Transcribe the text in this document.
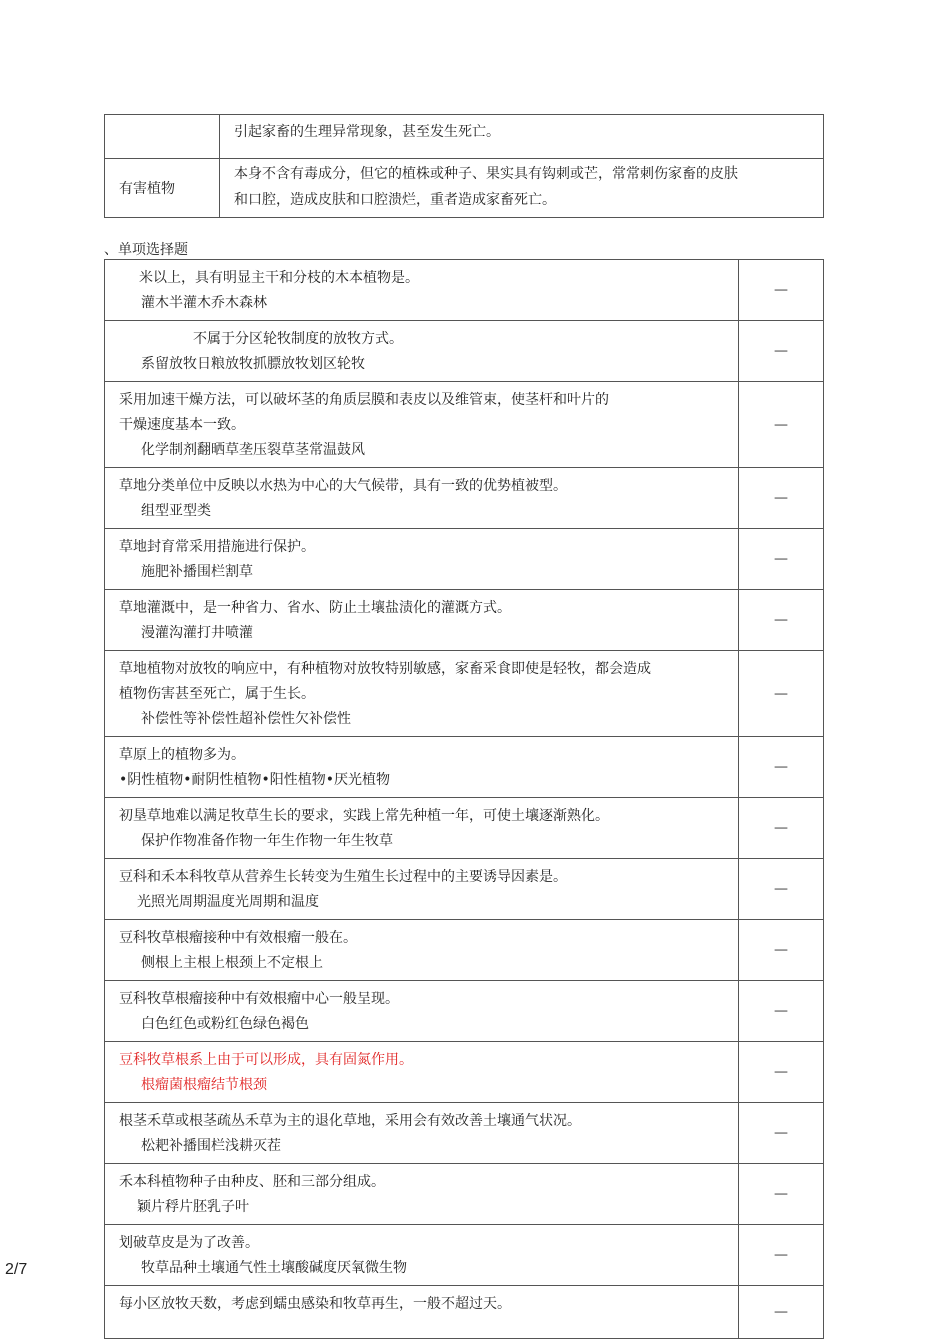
	引起家畜的生理异常现象，甚至发生死亡。

有害植物	本身不含有毒成分，但它的植株或种子、果实具有钩刺或芒，常常刺伤家畜的皮肤
和口腔，造成皮肤和口腔溃烂，重者造成家畜死亡。
、单项选择题
米以上，具有明显主干和分枝的木本植物是。
灌木半灌木乔木森林	—

不属于分区轮牧制度的放牧方式。
系留放牧日粮放牧抓膘放牧划区轮牧	—

采用加速干燥方法，可以破坏茎的角质层膜和表皮以及维管束，使茎杆和叶片的
干燥速度基本一致。
化学制剂翻晒草垄压裂草茎常温鼓风	—

草地分类单位中反映以水热为中心的大气候带，具有一致的优势植被型。
组型亚型类	—

草地封育常采用措施进行保护。
施肥补播围栏割草	—

草地灌溉中，是一种省力、省水、防止土壤盐渍化的灌溉方式。
漫灌沟灌打井喷灌	—

草地植物对放牧的响应中，有种植物对放牧特别敏感，家畜采食即使是轻牧，都会造成
植物伤害甚至死亡，属于生长。
补偿性等补偿性超补偿性欠补偿性	—

草原上的植物多为。
•阴性植物•耐阴性植物•阳性植物•厌光植物	—

初垦草地难以满足牧草生长的要求，实践上常先种植一年，可使土壤逐渐熟化。
保护作物准备作物一年生作物一年生牧草	—

豆科和禾本科牧草从营养生长转变为生殖生长过程中的主要诱导因素是。
光照光周期温度光周期和温度	—

豆科牧草根瘤接种中有效根瘤一般在。
侧根上主根上根颈上不定根上	—

豆科牧草根瘤接种中有效根瘤中心一般呈现。
白色红色或粉红色绿色褐色	—

豆科牧草根系上由于可以形成，具有固氮作用。
根瘤菌根瘤结节根颈	—

根茎禾草或根茎疏丛禾草为主的退化草地，采用会有效改善土壤通气状况。
松耙补播围栏浅耕灭茬	—

禾本科植物种子由种皮、胚和三部分组成。
颖片稃片胚乳子叶	—

划破草皮是为了改善。
牧草品种土壤通气性土壤酸碱度厌氧微生物	—

每小区放牧天数，考虑到蠕虫感染和牧草再生，一般不超过天。	—
2/7
